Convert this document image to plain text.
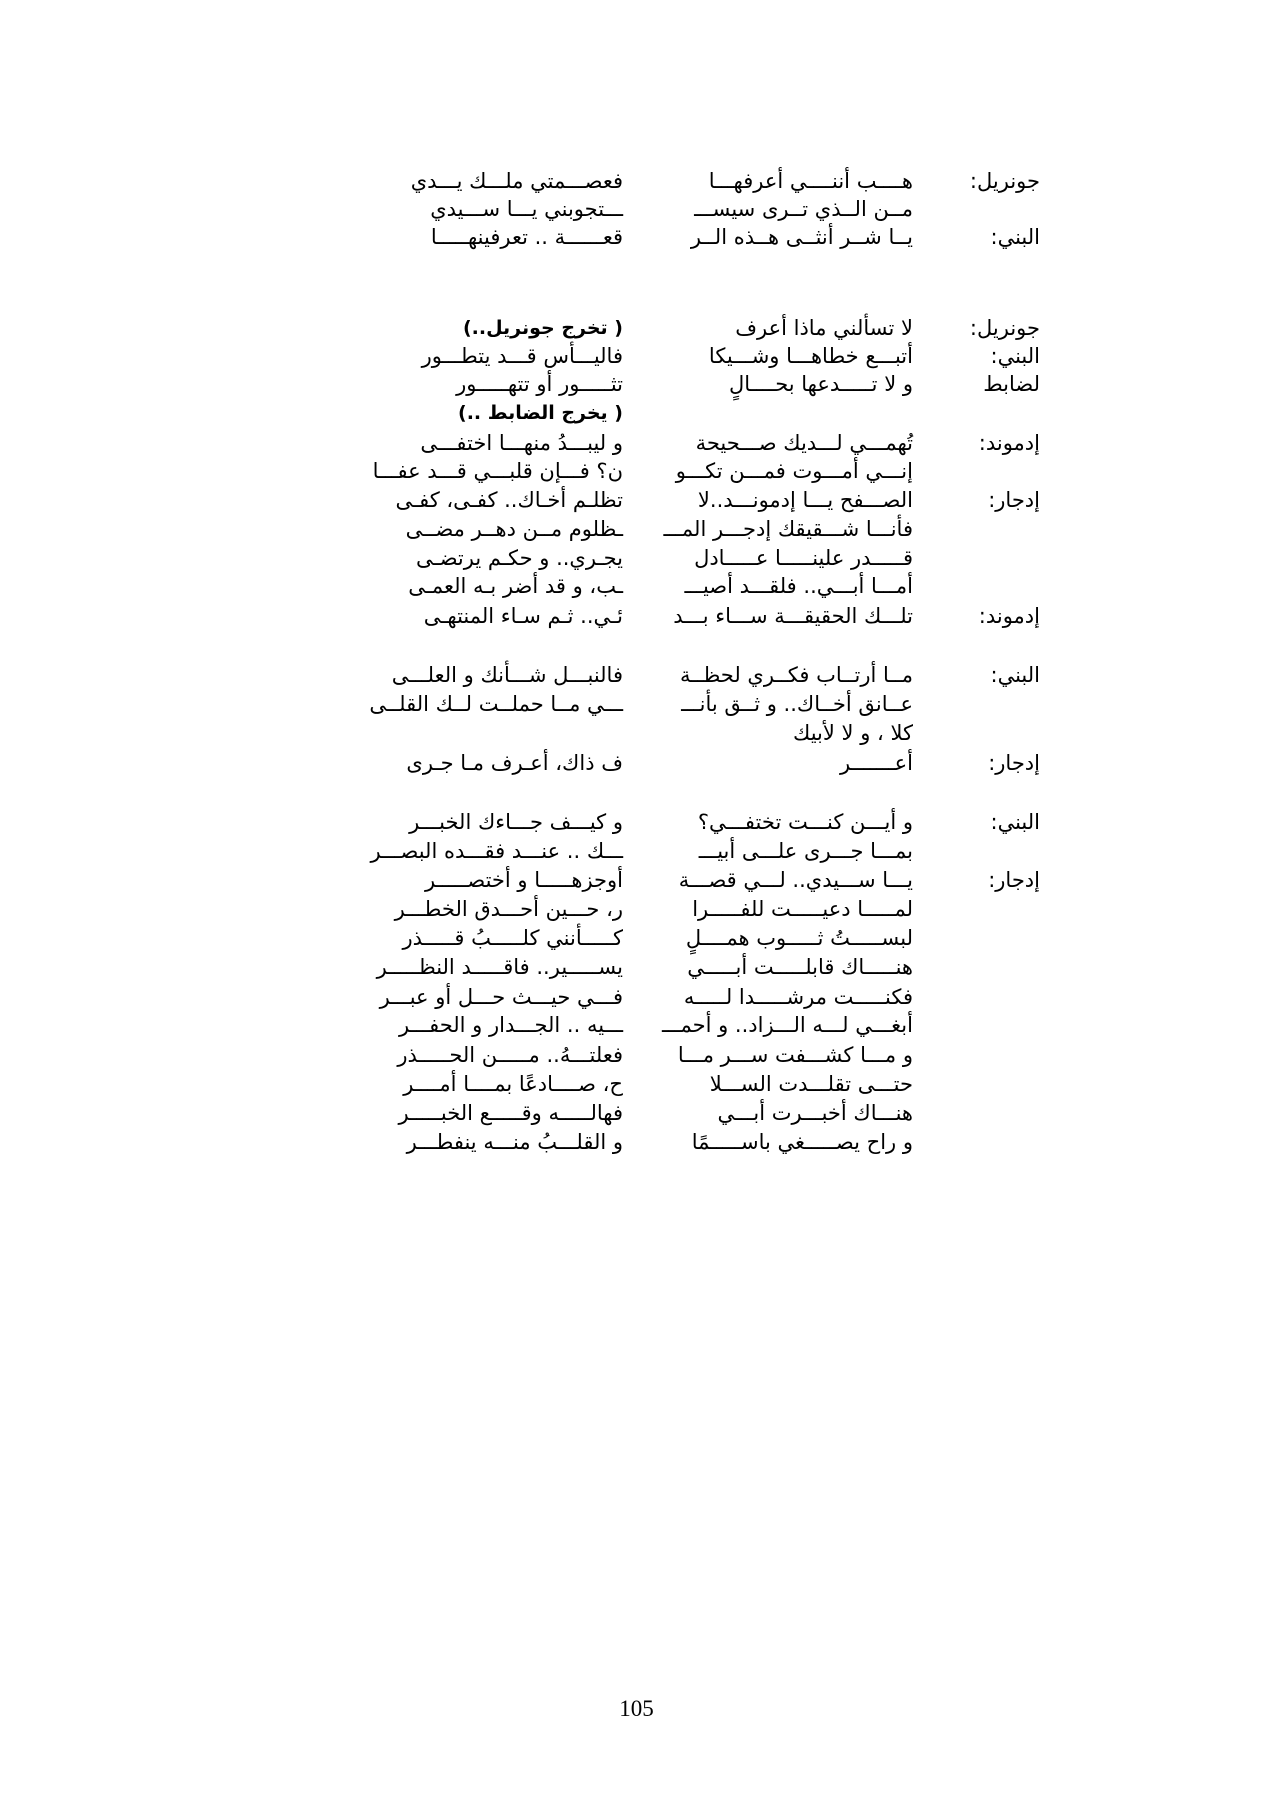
جونريل:
هــــب أننــــي أعرفهـــا
فعصـــمتي ملـــك يـــدي
مــن الــذي تــرى سيســـ
ـــتجوبني يـــا ســـيدي
البني:
يــا شــر أنثــى هــذه الــر
قعــــــة .. تعرفينهـــــا
جونريل:
لا تسألني ماذا أعرف
( تخرج جونريل..)
البني:
أتبـــع خطاهـــا وشـــيكا
فاليـــأس قـــد يتطـــور
لضابط
و لا تـــــدعها بحــــالٍ
تثـــــور أو تتهـــــور
( يخرج الضابط ..)
إدموند:
تُهمـــي لـــديك صـــحيحة
و ليبـــدُ منهـــا اختفـــى
إنـــي أمـــوت فمـــن تكـــو
ن؟ فـــإن قلبـــي قـــد عفـــا
إدجار:
الصـــفح يـــا إدمونـــد..لا
تظلـم أخـاك.. كفـى، كفـى
فأنـــا شـــقيقك إدجـــر المـــ
ـظلوم مــن دهــر مضــى
قـــــدر علينـــــا عـــــادل
يجـري.. و حكـم يرتضـى
أمـــا أبـــي.. فلقـــد أصيـــ
ـب، و قد أضر بـه العمـى
إدموند:
تلـــك الحقيقـــة ســـاء بـــد
ئـي.. ثـم سـاء المنتهـى
البني:
مــا أرتــاب فكــري لحظــة
فالنبـــل شـــأنك و العلـــى
عــانق أخــاك.. و ثــق بأنـــ
ـــي مــا حملــت لــك القلــى
كلا ، و لا لأبيك
إدجار:
أعـــــــر
ف ذاك، أعـرف مـا جـرى
البني:
و أيـــن كنـــت تختفـــي؟
و كيـــف جـــاءك الخبـــر
بمـــا جـــرى علـــى أبيـــ
ـــك .. عنـــد فقـــده البصـــر
إدجار:
يـــا ســـيدي.. لـــي قصـــة
أوجزهـــــا و أختصـــــر
لمـــــا دعيـــــت للفـــــرا
ر، حـــين أحـــدق الخطـــر
لبســـــتُ ثـــــوب همــــلٍ
كـــــأنني كلـــــبُ قـــــذر
هنـــــاك قابلـــــت أبـــــي
يســـــير.. فاقـــــد النظـــــر
فكنـــــت مرشـــــدا لـــــه
فـــي حيـــث حـــل أو عبـــر
أبغـــي لـــه الـــزاد.. و أحمـــ
ـــيه .. الجـــدار و الحفـــر
و مـــا كشـــفت ســـر مـــا
فعلتـــهُ.. مـــــن الحـــــذر
حتـــى تقلـــدت الســـلا
ح، صــــادعًا بمــــا أمــــر
هنـــاك أخبـــرت أبـــي
فهالـــــه وقـــــع الخبـــــر
و راح يصـــــغي باســـــمًا
و القلـــبُ منـــه ينفطـــر
105
